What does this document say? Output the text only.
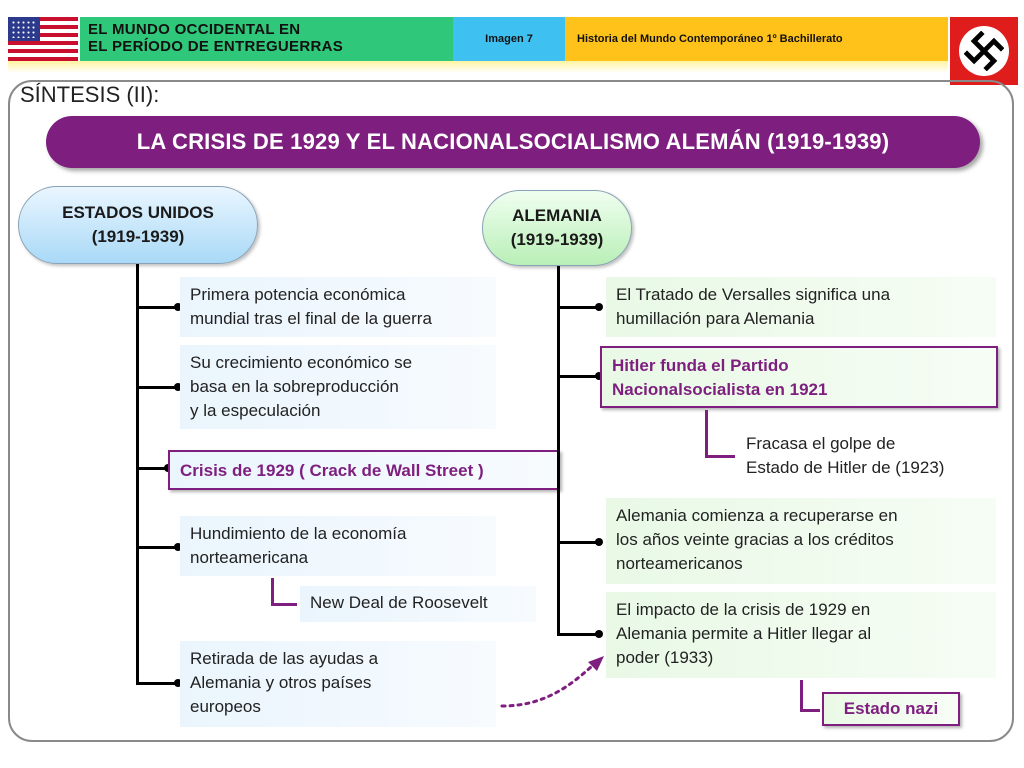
EL MUNDO OCCIDENTAL EN
EL PERÍODO DE ENTREGUERRAS	Imagen 7	Historia del Mundo Contemporáneo 1º Bachillerato
SÍNTESIS (II):
LA CRISIS DE 1929 Y EL NACIONALSOCIALISMO ALEMÁN (1919-1939)
ESTADOS UNIDOS
(1919-1939)
Primera potencia económica
mundial tras el final de la guerra
Su crecimiento económico se
basa en la sobreproducción
y la especulación
Crisis de 1929 ( Crack de Wall Street )
Hundimiento de la economía
norteamericana
New Deal de Roosevelt
Retirada de las ayudas a
Alemania y otros países
europeos
ALEMANIA
(1919-1939)
El Tratado de Versalles significa una
humillación para Alemania
Hitler funda el Partido
Nacionalsocialista en 1921
Fracasa el golpe de
Estado de Hitler de (1923)
Alemania comienza a recuperarse en
los años veinte gracias a los créditos
norteamericanos
El impacto de la crisis de 1929 en
Alemania permite a Hitler llegar al
poder (1933)
Estado nazi
